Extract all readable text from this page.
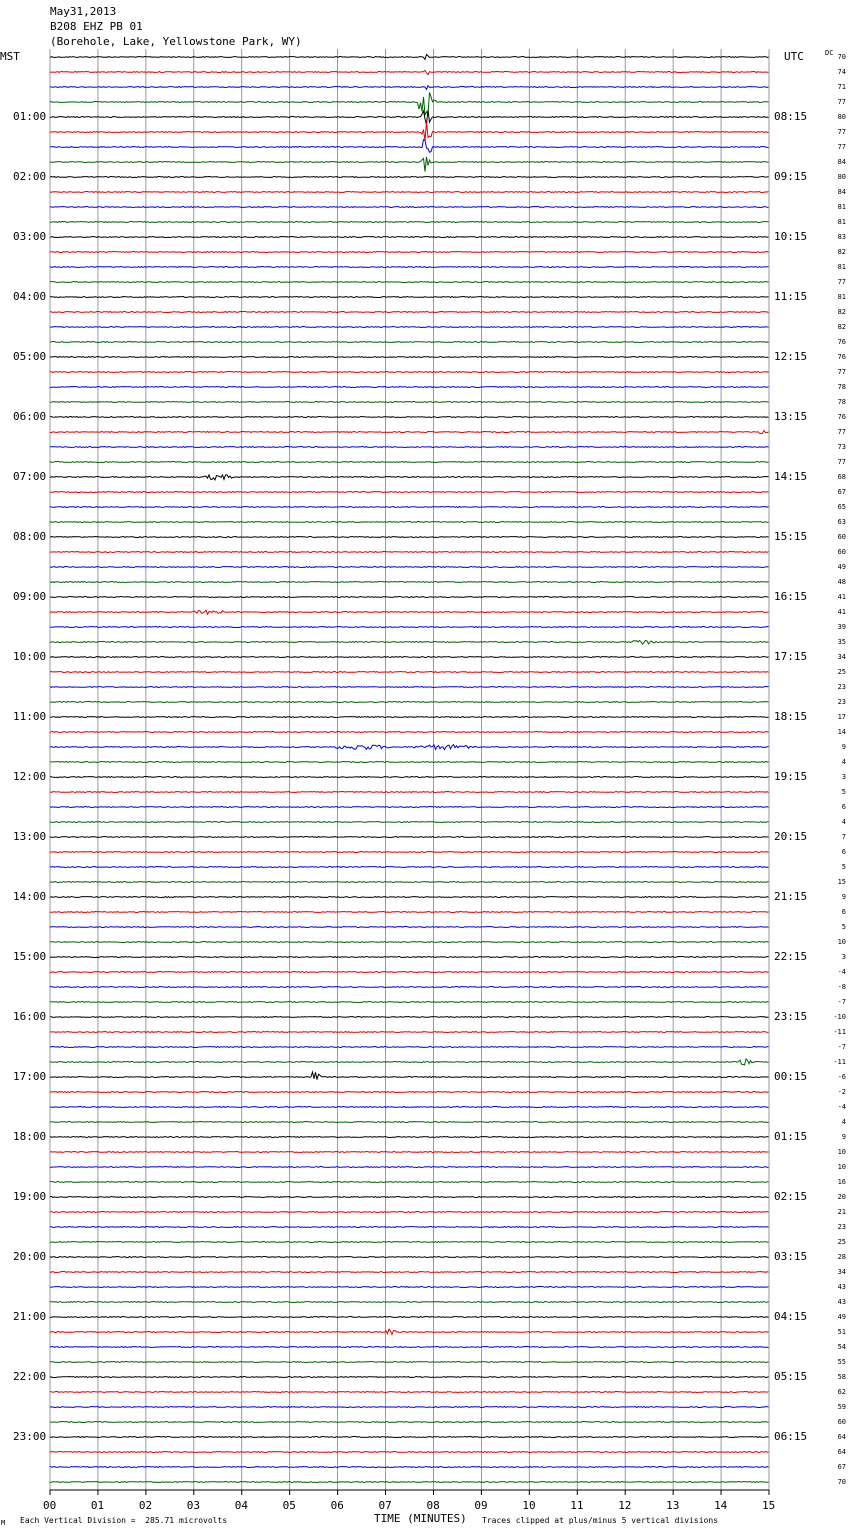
May31,2013
B208 EHZ PB 01
(Borehole, Lake, Yellowstone Park, WY)
MST	UTC	DC
01:00
02:00
03:00
04:00
05:00
06:00
07:00
08:00
09:00
10:00
11:00
12:00
13:00
14:00
15:00
16:00
17:00
18:00
19:00
20:00
21:00
22:00
23:00
08:15
09:15
10:15
11:15
12:15
13:15
14:15
15:15
16:15
17:15
18:15
19:15
20:15
21:15
22:15
23:15
00:15
01:15
02:15
03:15
04:15
05:15
06:15
70
74
71
77
80
77
77
84
80
84
81
81
83
82
81
77
81
82
82
76
76
77
78
78
76
77
73
77
68
67
65
63
60
60
49
48
41
41
39
35
34
25
23
23
17
14
9
4
3
5
6
4
7
6
5
15
9
6
5
10
3
-4
-8
-7
-10
-11
-7
-11
-6
-2
-4
4
9
10
10
16
20
21
23
25
28
34
43
43
49
51
54
55
58
62
59
60
64
64
67
70
00	01	02	03	04	05	06	07	08	09	10	11	12	13	14	15
M Each Vertical Division =  285.71 microvolts	TIME (MINUTES) Traces clipped at plus/minus 5 vertical divisions
